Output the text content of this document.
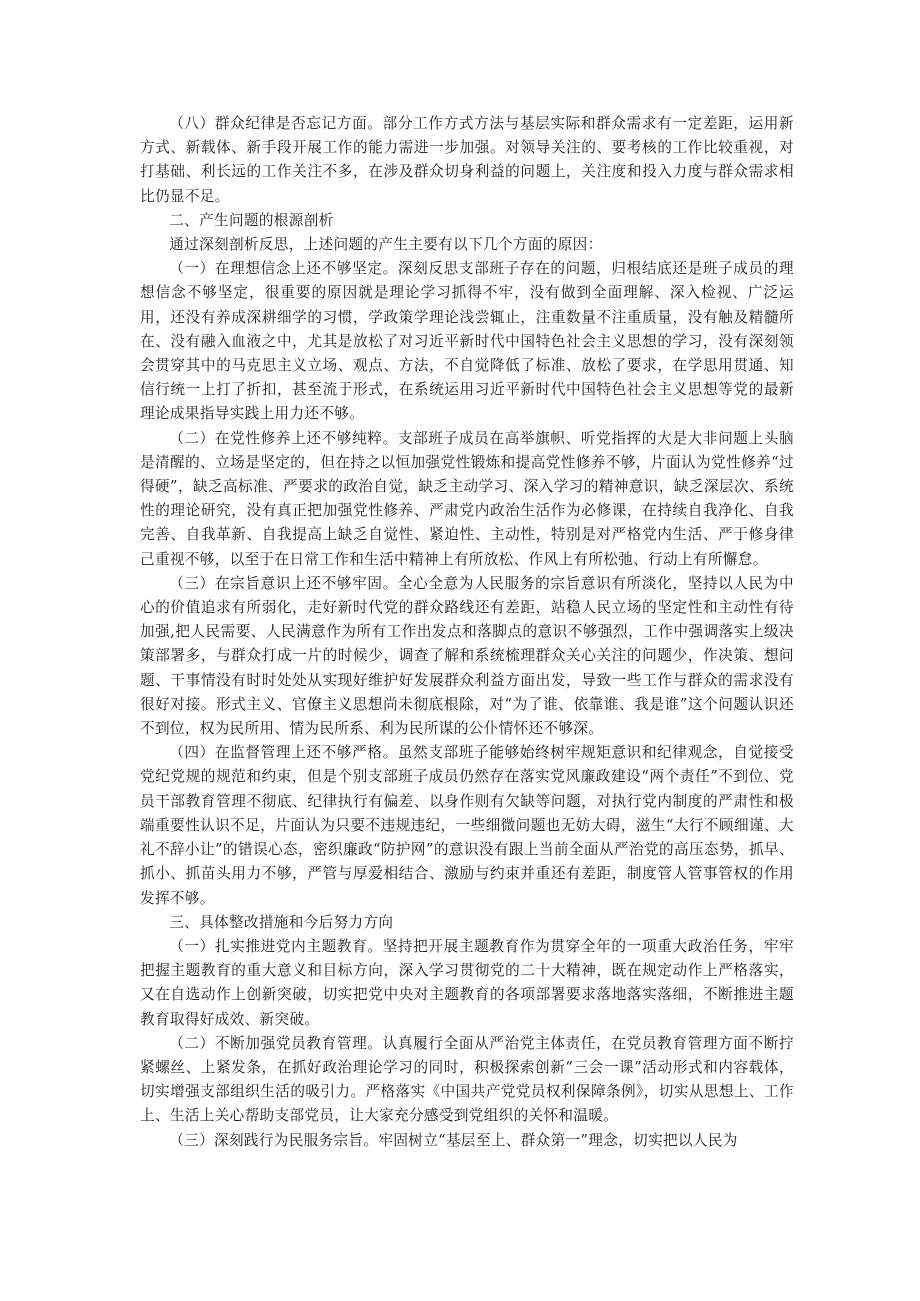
（八）群众纪律是否忘记方面。部分工作方式方法与基层实际和群众需求有一定差距，运用新方式、新载体、新手段开展工作的能力需进一步加强。对领导关注的、要考核的工作比较重视，对打基础、利长远的工作关注不多，在涉及群众切身利益的问题上，关注度和投入力度与群众需求相比仍显不足。

二、产生问题的根源剖析

通过深刻剖析反思，上述问题的产生主要有以下几个方面的原因：

（一）在理想信念上还不够坚定。深刻反思支部班子存在的问题，归根结底还是班子成员的理想信念不够坚定，很重要的原因就是理论学习抓得不牢，没有做到全面理解、深入检视、广泛运用，还没有养成深耕细学的习惯，学政策学理论浅尝辄止，注重数量不注重质量，没有触及精髓所在、没有融入血液之中，尤其是放松了对习近平新时代中国特色社会主义思想的学习，没有深刻领会贯穿其中的马克思主义立场、观点、方法，不自觉降低了标准、放松了要求，在学思用贯通、知信行统一上打了折扣，甚至流于形式，在系统运用习近平新时代中国特色社会主义思想等党的最新理论成果指导实践上用力还不够。

（二）在党性修养上还不够纯粹。支部班子成员在高举旗帜、听党指挥的大是大非问题上头脑是清醒的、立场是坚定的，但在持之以恒加强党性锻炼和提高党性修养不够，片面认为党性修养“过得硬”，缺乏高标准、严要求的政治自觉，缺乏主动学习、深入学习的精神意识，缺乏深层次、系统性的理论研究，没有真正把加强党性修养、严肃党内政治生活作为必修课，在持续自我净化、自我完善、自我革新、自我提高上缺乏自觉性、紧迫性、主动性，特别是对严格党内生活、严于修身律己重视不够，以至于在日常工作和生活中精神上有所放松、作风上有所松弛、行动上有所懈怠。

（三）在宗旨意识上还不够牢固。全心全意为人民服务的宗旨意识有所淡化，坚持以人民为中心的价值追求有所弱化，走好新时代党的群众路线还有差距，站稳人民立场的坚定性和主动性有待加强,把人民需要、人民满意作为所有工作出发点和落脚点的意识不够强烈，工作中强调落实上级决策部署多，与群众打成一片的时候少，调查了解和系统梳理群众关心关注的问题少，作决策、想问题、干事情没有时时处处从实现好维护好发展群众利益方面出发，导致一些工作与群众的需求没有很好对接。形式主义、官僚主义思想尚未彻底根除，对“为了谁、依靠谁、我是谁”这个问题认识还不到位，权为民所用、情为民所系、利为民所谋的公仆情怀还不够深。

（四）在监督管理上还不够严格。虽然支部班子能够始终树牢规矩意识和纪律观念，自觉接受党纪党规的规范和约束，但是个别支部班子成员仍然存在落实党风廉政建设“两个责任”不到位、党员干部教育管理不彻底、纪律执行有偏差、以身作则有欠缺等问题，对执行党内制度的严肃性和极端重要性认识不足，片面认为只要不违规违纪，一些细微问题也无妨大碍，滋生“大行不顾细谨、大礼不辞小让”的错误心态，密织廉政“防护网”的意识没有跟上当前全面从严治党的高压态势，抓早、抓小、抓苗头用力不够，严管与厚爱相结合、激励与约束并重还有差距，制度管人管事管权的作用发挥不够。

三、具体整改措施和今后努力方向

（一）扎实推进党内主题教育。坚持把开展主题教育作为贯穿全年的一项重大政治任务，牢牢把握主题教育的重大意义和目标方向，深入学习贯彻党的二十大精神，既在规定动作上严格落实，又在自选动作上创新突破，切实把党中央对主题教育的各项部署要求落地落实落细，不断推进主题教育取得好成效、新突破。

（二）不断加强党员教育管理。认真履行全面从严治党主体责任，在党员教育管理方面不断拧紧螺丝、上紧发条，在抓好政治理论学习的同时，积极探索创新“三会一课”活动形式和内容载体，切实增强支部组织生活的吸引力。严格落实《中国共产党党员权利保障条例》，切实从思想上、工作上、生活上关心帮助支部党员，让大家充分感受到党组织的关怀和温暖。

（三）深刻践行为民服务宗旨。牢固树立“基层至上、群众第一”理念，切实把以人民为
